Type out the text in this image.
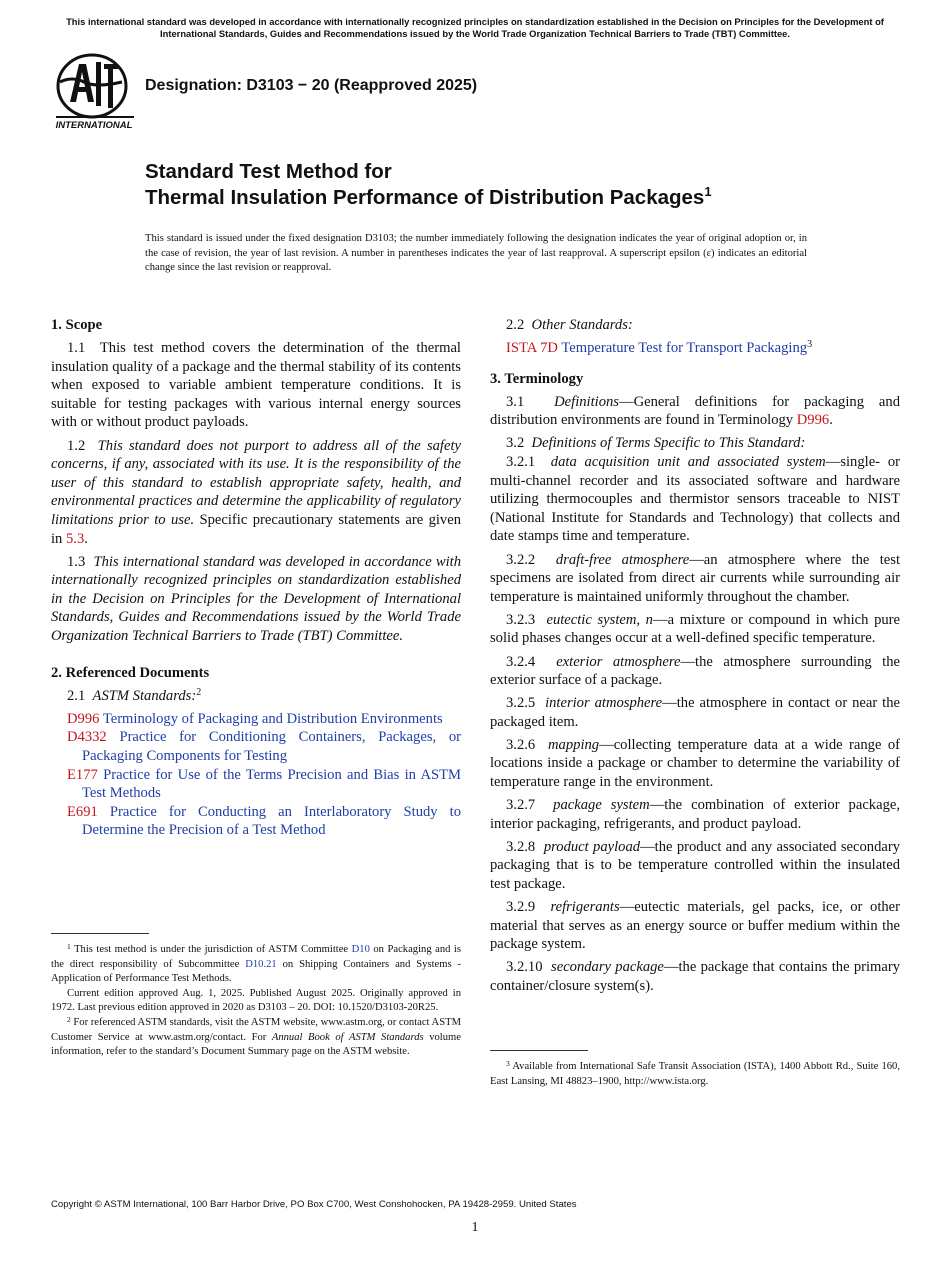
This international standard was developed in accordance with internationally recognized principles on standardization established in the Decision on Principles for the Development of International Standards, Guides and Recommendations issued by the World Trade Organization Technical Barriers to Trade (TBT) Committee.
INTERNATIONAL
Designation: D3103 − 20 (Reapproved 2025)
Standard Test Method for
Thermal Insulation Performance of Distribution Packages$^1$
This standard is issued under the fixed designation D3103; the number immediately following the designation indicates the year of original adoption or, in the case of revision, the year of last revision. A number in parentheses indicates the year of last reapproval. A superscript epsilon (ε) indicates an editorial change since the last revision or reapproval.

1. Scope

1.1 This test method covers the determination of the thermal insulation quality of a package and the thermal stability of its contents when exposed to variable ambient temperature conditions. It is suitable for testing packages with various internal energy sources with or without product payloads.

1.2 This standard does not purport to address all of the safety concerns, if any, associated with its use. It is the responsibility of the user of this standard to establish appropriate safety, health, and environmental practices and determine the applicability of regulatory limitations prior to use. Specific precautionary statements are given in 5.3.

1.3 This international standard was developed in accordance with internationally recognized principles on standardization established in the Decision on Principles for the Development of International Standards, Guides and Recommendations issued by the World Trade Organization Technical Barriers to Trade (TBT) Committee.

2. Referenced Documents

2.1 ASTM Standards:$^2$

D996 Terminology of Packaging and Distribution Environments

D4332 Practice for Conditioning Containers, Packages, or Packaging Components for Testing

E177 Practice for Use of the Terms Precision and Bias in ASTM Test Methods

E691 Practice for Conducting an Interlaboratory Study to Determine the Precision of a Test Method

2.2 Other Standards:

ISTA 7D Temperature Test for Transport Packaging$^3$

3. Terminology

3.1 Definitions—General definitions for packaging and distribution environments are found in Terminology D996.

3.2 Definitions of Terms Specific to This Standard:

3.2.1 data acquisition unit and associated system—single- or multi-channel recorder and its associated software and hardware utilizing thermocouples and thermistor sensors traceable to NIST (National Institute for Standards and Technology) that collects and date stamps time and temperature.

3.2.2 draft-free atmosphere—an atmosphere where the test specimens are isolated from direct air currents while surrounding air temperature is maintained uniformly throughout the chamber.

3.2.3 eutectic system, n—a mixture or compound in which pure solid phases changes occur at a well-defined specific temperature.

3.2.4 exterior atmosphere—the atmosphere surrounding the exterior surface of a package.

3.2.5 interior atmosphere—the atmosphere in contact or near the packaged item.

3.2.6 mapping—collecting temperature data at a wide range of locations inside a package or chamber to determine the variability of temperature range in the environment.

3.2.7 package system—the combination of exterior package, interior packaging, refrigerants, and product payload.

3.2.8 product payload—the product and any associated secondary packaging that is to be temperature controlled within the insulated test package.

3.2.9 refrigerants—eutectic materials, gel packs, ice, or other material that serves as an energy source or buffer medium within the package system.

3.2.10 secondary package—the package that contains the primary container/closure system(s).

$^1$ This test method is under the jurisdiction of ASTM Committee D10 on Packaging and is the direct responsibility of Subcommittee D10.21 on Shipping Containers and Systems - Application of Performance Test Methods.

Current edition approved Aug. 1, 2025. Published August 2025. Originally approved in 1972. Last previous edition approved in 2020 as D3103 – 20. DOI: 10.1520/D3103-20R25.

$^2$ For referenced ASTM standards, visit the ASTM website, www.astm.org, or contact ASTM Customer Service at www.astm.org/contact. For Annual Book of ASTM Standards volume information, refer to the standard’s Document Summary page on the ASTM website.

$^3$ Available from International Safe Transit Association (ISTA), 1400 Abbott Rd., Suite 160, East Lansing, MI 48823–1900, http://www.ista.org.

Copyright © ASTM International, 100 Barr Harbor Drive, PO Box C700, West Conshohocken, PA 19428-2959. United States
1
